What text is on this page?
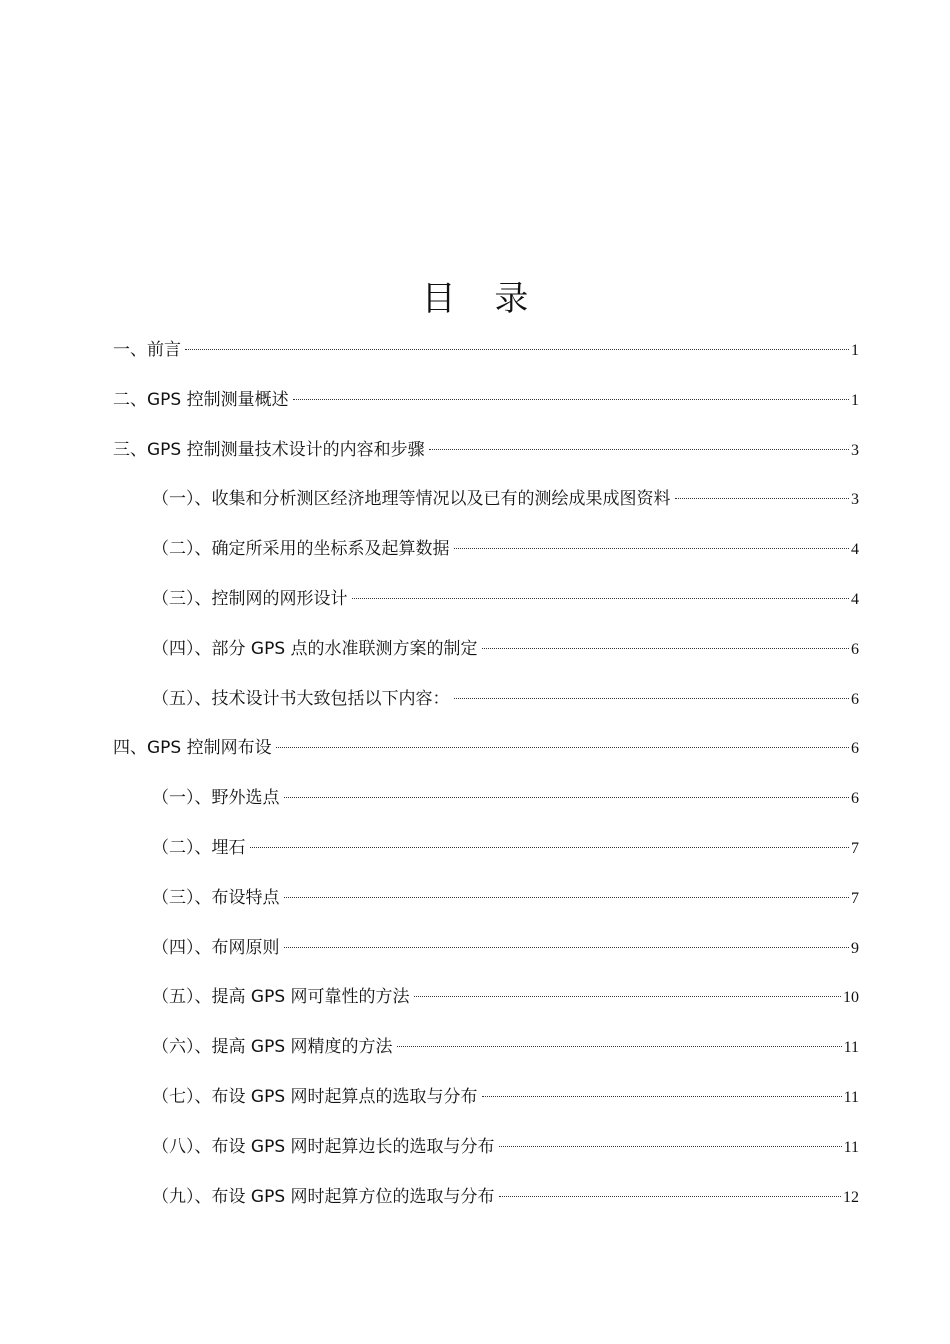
目 录
一、前言	1
二、GPS 控制测量概述	1
三、GPS 控制测量技术设计的内容和步骤	3
（一）、收集和分析测区经济地理等情况以及已有的测绘成果成图资料	3
（二）、确定所采用的坐标系及起算数据	4
（三）、控制网的网形设计	4
（四）、部分 GPS 点的水准联测方案的制定	6
（五）、技术设计书大致包括以下内容：	6
四、GPS 控制网布设	6
（一）、野外选点	6
（二）、埋石	7
（三）、布设特点	7
（四）、布网原则	9
（五）、提高 GPS 网可靠性的方法	10
（六）、提高 GPS 网精度的方法	11
（七）、布设 GPS 网时起算点的选取与分布	11
（八）、布设 GPS 网时起算边长的选取与分布	11
（九）、布设 GPS 网时起算方位的选取与分布	12
